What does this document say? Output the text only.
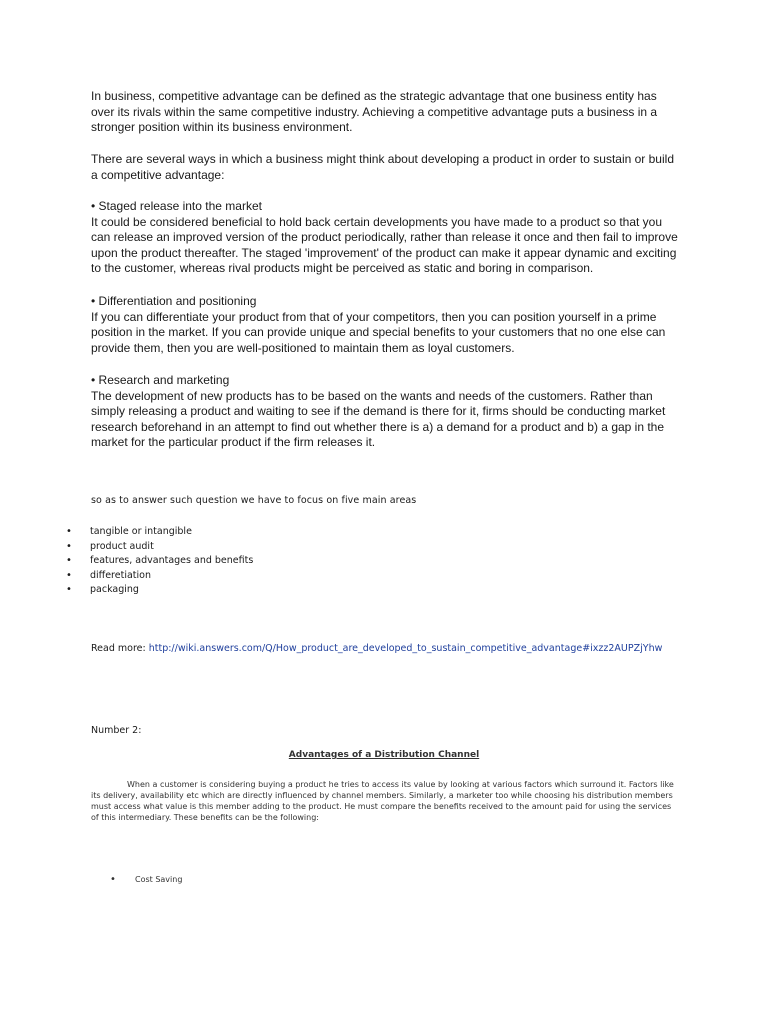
In business, competitive advantage can be defined as the strategic advantage that one business entity has over its rivals within the same competitive industry. Achieving a competitive advantage puts a business in a stronger position within its business environment.

There are several ways in which a business might think about developing a product in order to sustain or build a competitive advantage:

• Staged release into the market

It could be considered beneficial to hold back certain developments you have made to a product so that you can release an improved version of the product periodically, rather than release it once and then fail to improve upon the product thereafter. The staged 'improvement' of the product can make it appear dynamic and exciting to the customer, whereas rival products might be perceived as static and boring in comparison.

• Differentiation and positioning

If you can differentiate your product from that of your competitors, then you can position yourself in a prime position in the market. If you can provide unique and special benefits to your customers that no one else can provide them, then you are well-positioned to maintain them as loyal customers.

• Research and marketing

The development of new products has to be based on the wants and needs of the customers. Rather than simply releasing a product and waiting to see if the demand is there for it, firms should be conducting market research beforehand in an attempt to find out whether there is a) a demand for a product and b) a gap in the market for the particular product if the firm releases it.

so as to answer such question we have to focus on five main areas
• tangible or intangible
• product audit
• features, advantages and benefits
• differetiation
• packaging
Read more: http://wiki.answers.com/Q/How_product_are_developed_to_sustain_competitive_advantage#ixzz2AUPZjYhw
Number 2:
Advantages of a Distribution Channel
When a customer is considering buying a product he tries to access its value by looking at various factors which surround it. Factors like its delivery, availability etc which are directly influenced by channel members. Similarly, a marketer too while choosing his distribution members must access what value is this member adding to the product. He must compare the benefits received to the amount paid for using the services of this intermediary. These benefits can be the following:
• Cost Saving
